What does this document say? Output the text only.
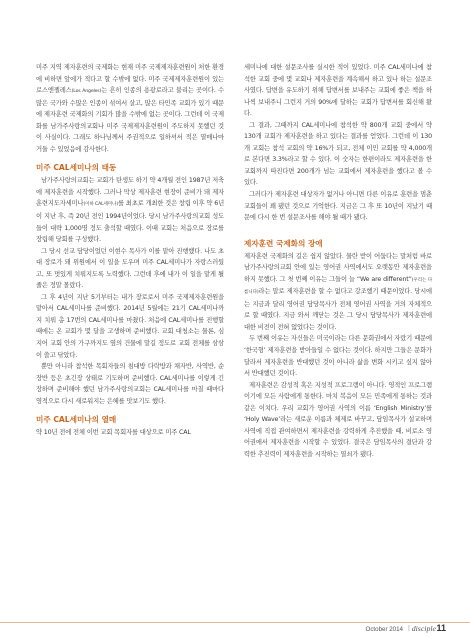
미주 지역 제자훈련의 국제화는 현재 미주 국제제자훈련원이 처한 환경에 비하면 앞에가 적다고 할 수밖에 없다. 미주 국제제자훈련원이 있는 로스엔젤레스(Los Angeles)는 흔히 인종의 용광로라고 불리는 곳이다. 수많은 국가와 수많은 인종이 섞여서 살고, 많은 타민족 교회가 있기 때문에 제자훈련 국제화의 기회가 많을 수밖에 없는 곳이다. 그런데 이 국제화를 남가주사랑의교회나 미주 국제제자훈련원이 주도하지 못했던 것이 사실이다. 그래도 하나님께서 주권적으로 일하셔서 적은 열매나마 거둘 수 있었음에 감사한다.

미주 CAL세미나의 태동

남가주사랑의교회는 교회가 탄생도 하기 약 4개월 전인 1987년 저축에 제자훈련을 시작했다. 그러나 막상 제자훈련 현장이 준비가 돼 제자훈련지도자세미나(이하 CAL세미나)를 최초로 개최한 것은 창립 이후 약 6년이 지난 후, 즉 20년 전인 1994년이었다. 당시 남가주사랑의교회 성도들이 대략 1,000명 정도 출석할 때였다. 이때 교회는 처음으로 장로를 장립해 당회를 구성했다.

그 당시 선교 담당이었던 이현수 목사가 이를 맡아 진행했다. 나도 초대 장로가 돼 위원에서 이 일을 도우며 미주 CAL세미나가 자랑스러웠고, 또 멋있게 치뤄지도록 노력했다. 그런데 후에 내가 이 일을 맡게 될 줄은 정말 몰랐다.

그 후 4년이 지난 5기부터는 내가 장로로서 미주 국제제자훈련원을 맡아서 CAL세미나를 준비했다. 2014년 5월에는 21기 CAL세미나까지 치뤄 총 17번의 CAL세미나를 마쳤다. 처음에 CAL세미나를 진행할 때에는 온 교회가 몇 달을 고생하며 준비했다. 교회 대청소는 물론, 심지어 교회 안의 가구까지도 옆의 건물에 말길 정도로 교회 전체를 삼삼이 쓸고 닦았다.

뿐만 아니라 참석한 목회자들의 침대방 다락방과 채자반, 사역반, 순장반 등은 초긴장 상태로 기도하며 준비했다. CAL세미나를 이렇게 긴장하며 준비해야 했던 남가주사랑의교회는 CAL세미나를 마칠 때마다 영적으로 다시 새로워지는 은혜를 맛보기도 했다.

미주 CAL세미나의 열매

약 10년 전에 전체 이번 교회 목회자를 대상으로 미주 CAL

세미나에 대한 설문조사를 실시한 적이 있었다. 미주 CAL세미나에 참석한 교회 중에 몇 교회나 제자훈련을 계속해서 하고 있나 하는 설문조사였다. 답변을 유도하기 위해 답변서를 보내주는 교회에 좋은 책을 하나씩 보내주니 그런지 거의 90%에 달하는 교회가 답변서를 회신해 왔다.

그 결과, 그때까지 CAL세미나에 참석한 약 800개 교회 중에서 약 130개 교회가 제자훈련을 하고 있다는 결과를 얻었다. 그런데 이 130개 교회는 참석 교회의 약 16%가 되고, 전체 이민 교회를 약 4,000개로 본다면 3.3%라고 할 수 있다. 이 숫자는 한편이라도 제자훈련을 한 교회까지 따진다면 200개가 넘는 교회에서 제자훈련을 했다고 볼 수 있다.

그러다가 제자훈련 대상자가 없거나 아니면 다른 이유로 훈련을 멈춘 교회들이 꽤 됐던 것으로 기억한다. 지금은 그 후 또 10년이 지났기 때문에 다시 한 번 설문조사를 해야 될 때가 됐다.

제자훈련 국제화의 장애

제자훈련 국제화의 길은 쉽지 않았다. 물란 받이 어둡다는 말처럼 바로 남가주사랑의교회 안에 있는 영어권 사역에서도 오랫동안 제자훈련을 하지 못했다. 그 첫 번째 이유는 그들이 늘 “We are different”(우리는 다릅니다)라는 말로 제자훈련을 할 수 없다고 강조했기 때문이었다. 당시에는 지금과 달리 영어권 담당목사가 전체 영어권 사역을 거의 자체적으로 할 때였다. 지금 와서 깨닫는 것은 그 당시 담당목사가 제자훈련에 대한 비전이 전혀 없었다는 것이다.

두 번째 이유는 자신들은 미국이라는 다른 문화권에서 자랐기 때문에 ‘한국형’ 제자훈련을 받아들일 수 없다는 것이다. 하지만 그들은 문화가 달라서 제자훈련을 반대했던 것이 아니라 삶을 변화 시키고 싶지 않아서 반대했던 것이다.

제자훈련은 감성적 혹은 지성적 프로그램이 아니다. 영적인 프로그램이기에 모든 사람에게 통한다. 마치 복음이 모든 민족에게 통하는 것과 같은 이치다. 우리 교회가 영어권 사역의 이름 ‘English Ministry’를 ‘Holy Wave’라는 새로운 이름과 체제로 바꾸고, 담임목사가 설교하며 사역에 직접 관여하면서 제자훈련을 강력하게 추진했을 때, 비로소 영어권에서 제자훈련을 시작할 수 있었다. 결국은 담임목사의 결단과 강력한 추진력이 제자훈련을 시작하는 열쇠가 됐다.

October 2014 | disciple 11
